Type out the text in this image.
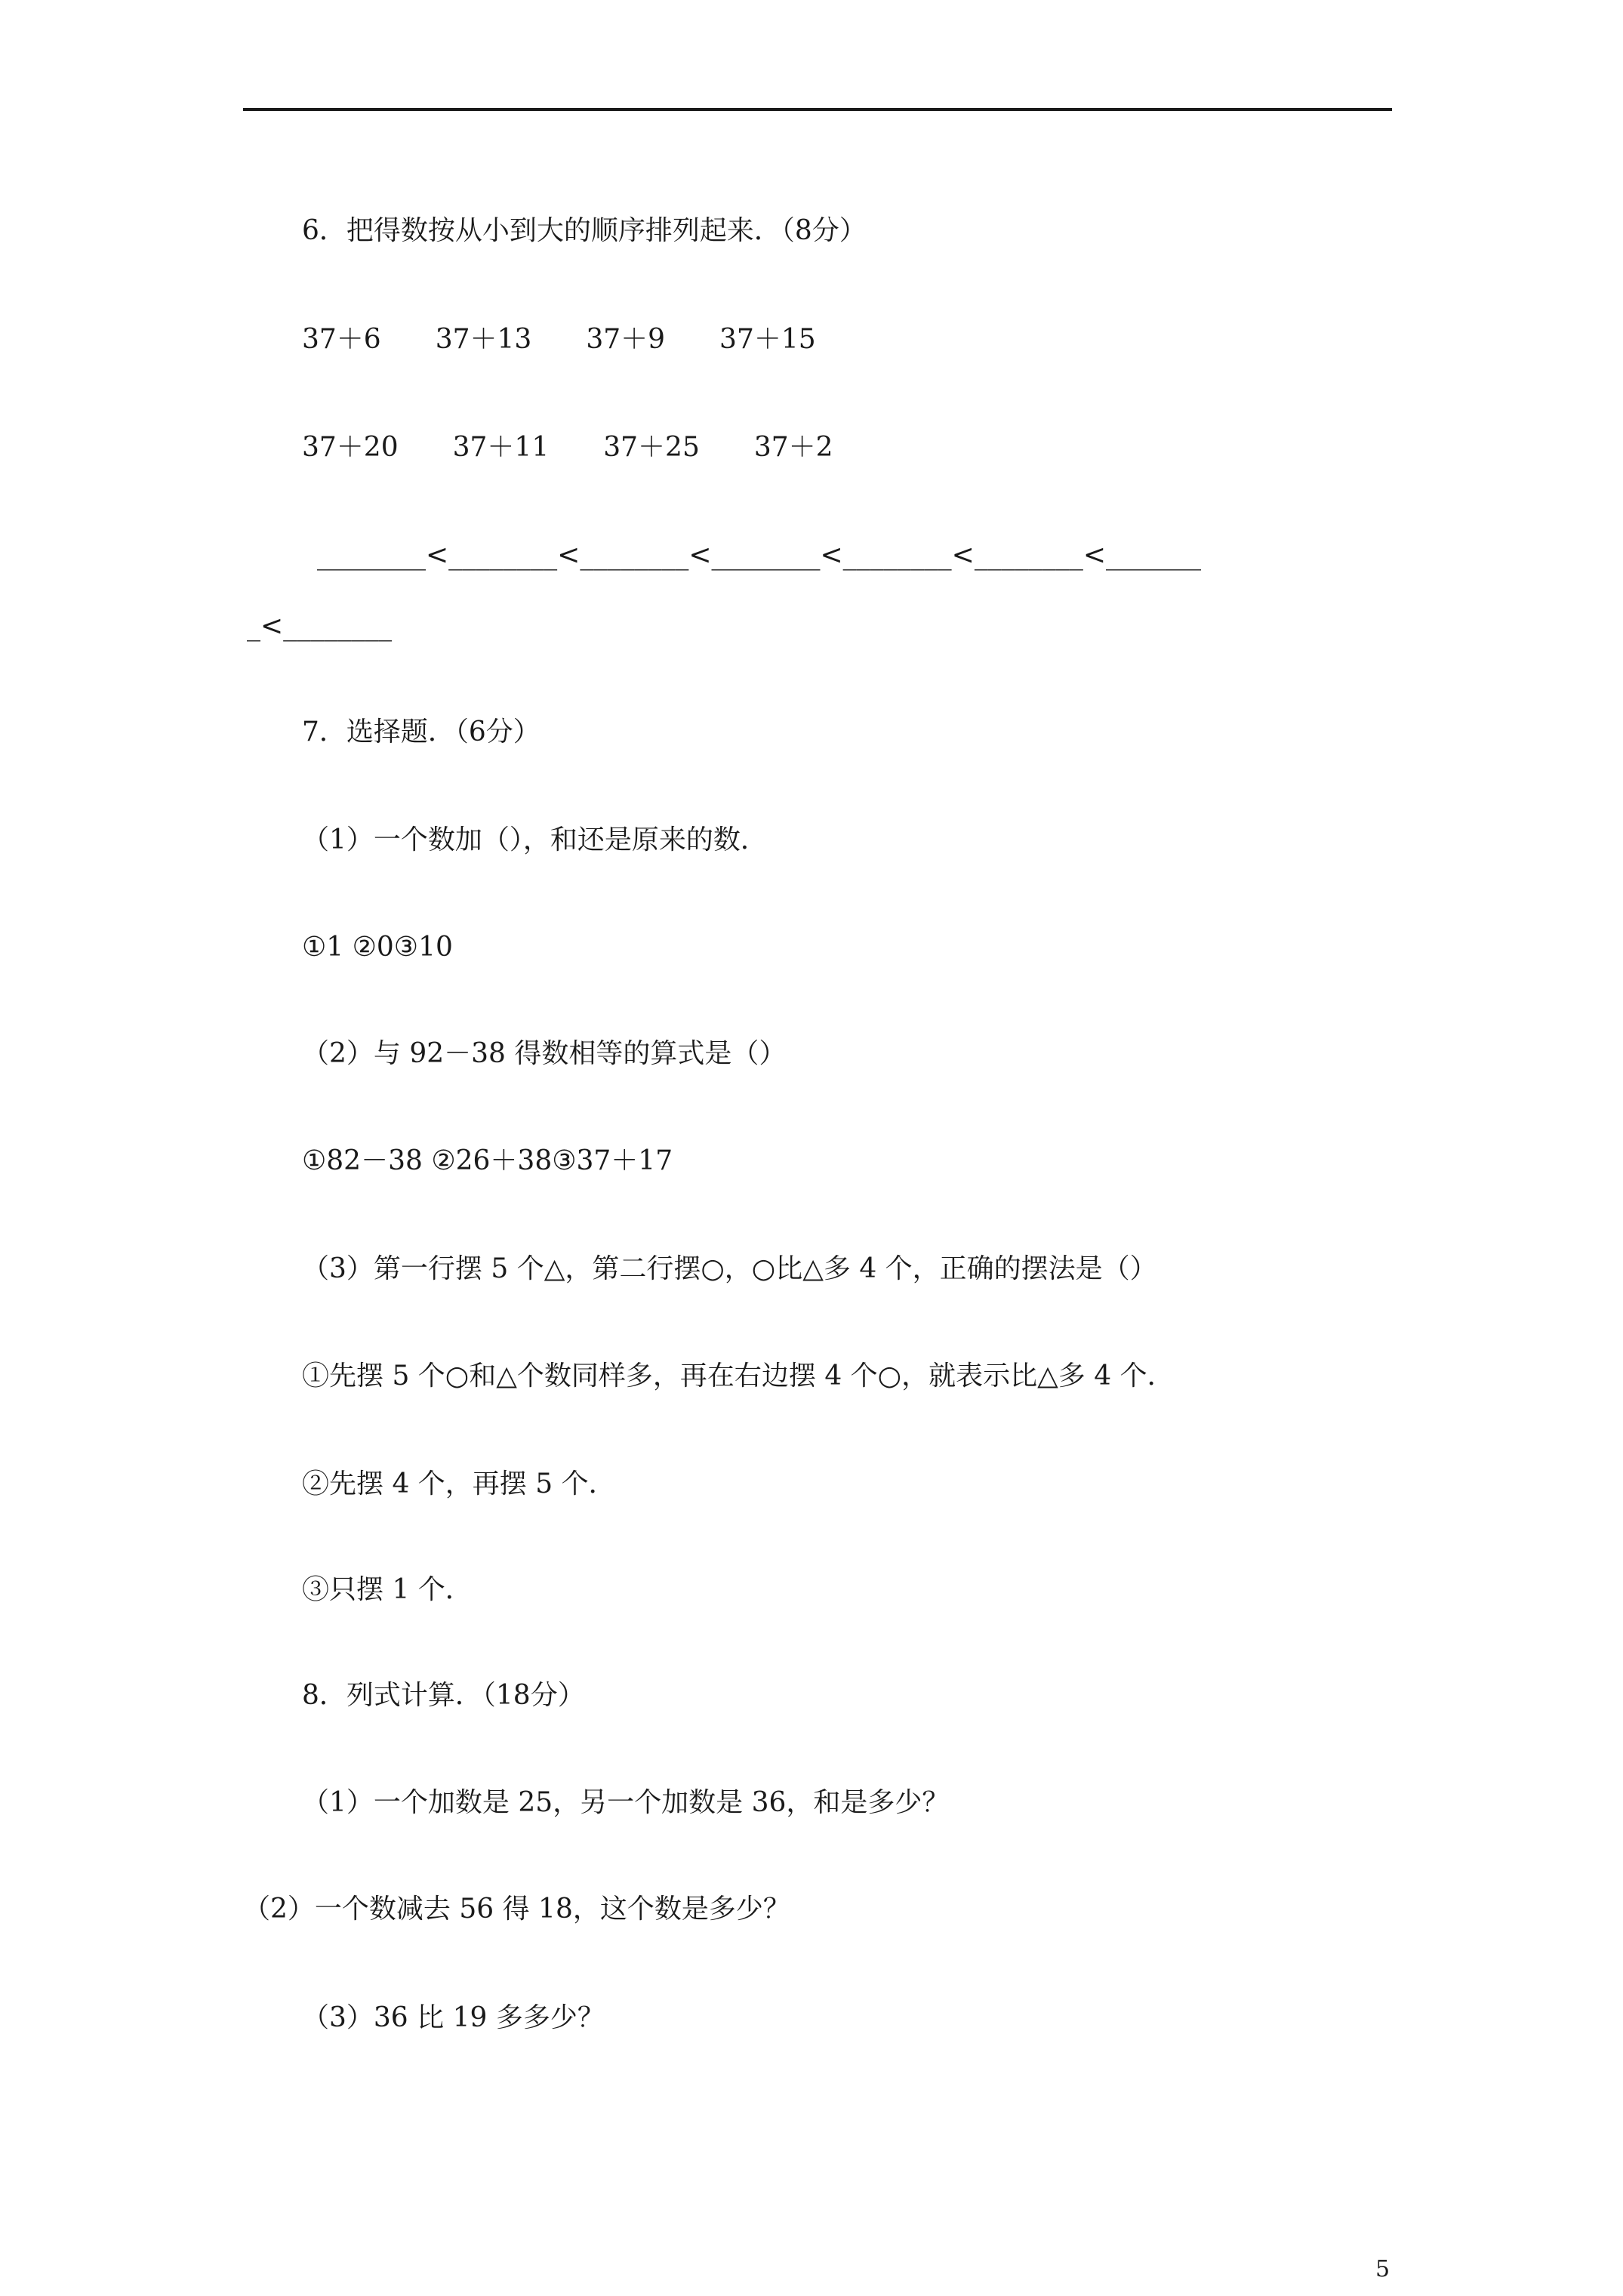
6．把得数按从小到大的顺序排列起来．（8分）
37＋6　　37＋13　　37＋9　　37＋15
37＋20　　37＋11　　37＋25　　37＋2
________<________<________<________<________<________<_______
_<________
7．选择题．（6分）
（1）一个数加（），和还是原来的数．
①1 ②0③10
（2）与 92－38 得数相等的算式是（）
①82－38 ②26＋38③37＋17
（3）第一行摆 5 个△，第二行摆○，○比△多 4 个，正确的摆法是（）
①先摆 5 个○和△个数同样多，再在右边摆 4 个○，就表示比△多 4 个．
②先摆 4 个，再摆 5 个．
③只摆 1 个．
8．列式计算．（18分）
（1）一个加数是 25，另一个加数是 36，和是多少？
（2）一个数减去 56 得 18，这个数是多少？
（3）36 比 19 多多少？
5
